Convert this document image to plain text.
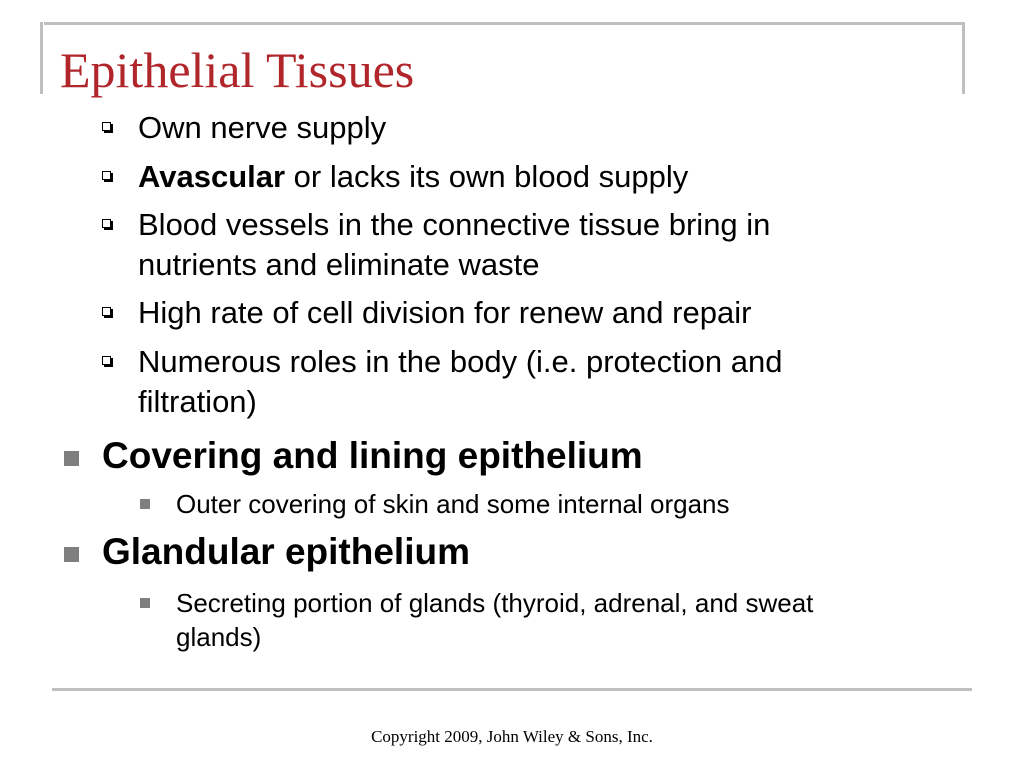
Epithelial Tissues
Own nerve supply
Avascular or lacks its own blood supply
Blood vessels in the connective tissue bring in
nutrients and eliminate waste
High rate of cell division for renew and repair
Numerous roles in the body (i.e. protection and
filtration)
Covering and lining epithelium
Outer covering of skin and some internal organs
Glandular epithelium
Secreting portion of glands (thyroid, adrenal, and sweat
glands)
Copyright 2009, John Wiley & Sons, Inc.
